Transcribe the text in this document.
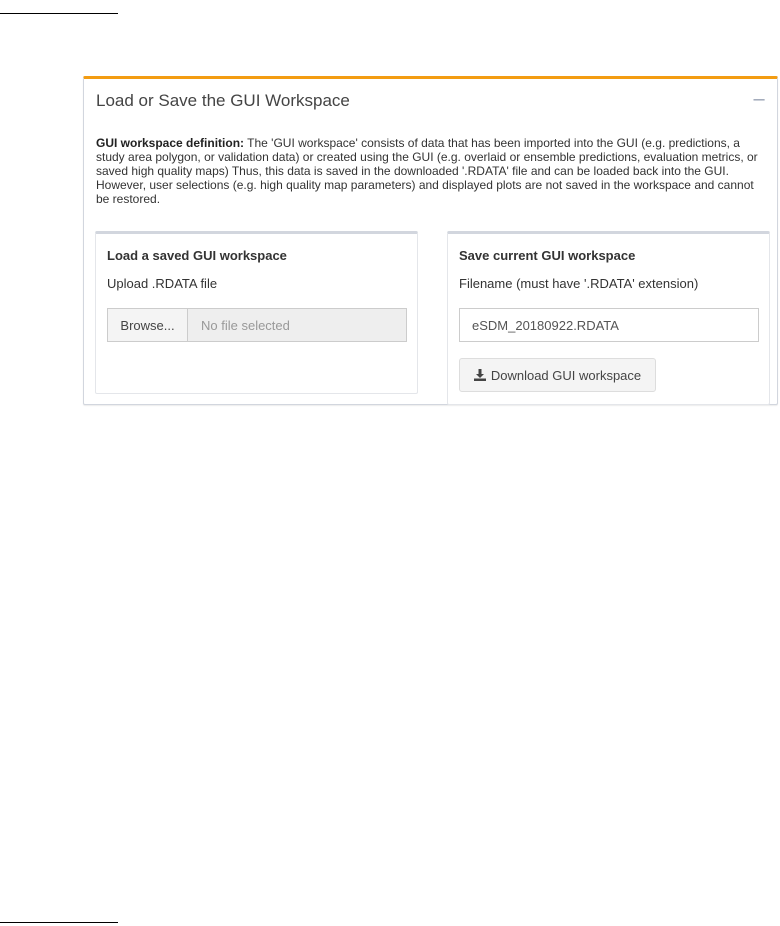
Load or Save the GUI Workspace	–
GUI workspace definition: The 'GUI workspace' consists of data that has been imported into the GUI (e.g. predictions, a study area polygon, or validation data) or created using the GUI (e.g. overlaid or ensemble predictions, evaluation metrics, or saved high quality maps) Thus, this data is saved in the downloaded '.RDATA' file and can be loaded back into the GUI. However, user selections (e.g. high quality map parameters) and displayed plots are not saved in the workspace and cannot be restored.
Load a saved GUI workspace
Upload .RDATA file
Browse...	No file selected
Save current GUI workspace
Filename (must have '.RDATA' extension)
eSDM_20180922.RDATA
Download GUI workspace
